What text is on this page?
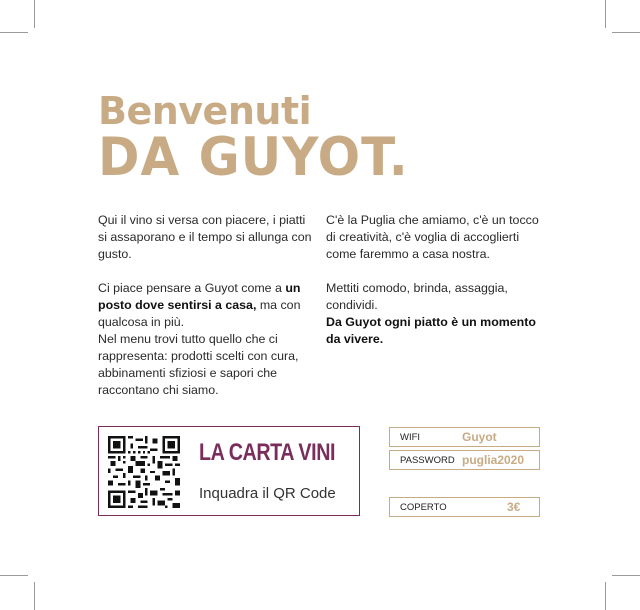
Benvenuti
DA GUYOT.

Qui il vino si versa con piacere, i piatti si assaporano e il tempo si allunga con gusto.

Ci piace pensare a Guyot come a un posto dove sentirsi a casa, ma con qualcosa in più.

Nel menu trovi tutto quello che ci rappresenta: prodotti scelti con cura, abbinamenti sfiziosi e sapori che raccontano chi siamo.

C'è la Puglia che amiamo, c'è un tocco di creatività, c'è voglia di accoglierti come faremmo a casa nostra.

Mettiti comodo, brinda, assaggia, condividi.

Da Guyot ogni piatto è un momento da vivere.

LA CARTA VINI
Inquadra il QR Code
WIFI	Guyot
PASSWORD puglia2020
COPERTO	3€
